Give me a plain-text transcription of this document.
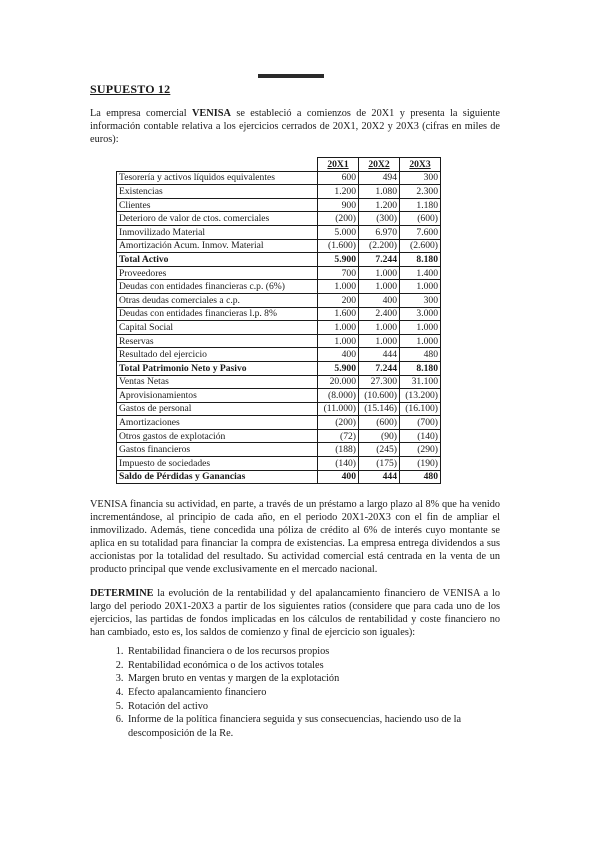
SUPUESTO 12

La empresa comercial VENISA se estableció a comienzos de 20X1 y presenta la siguiente información contable relativa a los ejercicios cerrados de 20X1, 20X2 y 20X3 (cifras en miles de euros):

	20X1	20X2	20X3
Tesorería y activos líquidos equivalentes	600	494	300
Existencias	1.200	1.080	2.300
Clientes	900	1.200	1.180
Deterioro de valor de ctos. comerciales	(200)	(300)	(600)
Inmovilizado Material	5.000	6.970	7.600
Amortización Acum. Inmov. Material	(1.600)	(2.200)	(2.600)
Total Activo	5.900	7.244	8.180
Proveedores	700	1.000	1.400
Deudas con entidades financieras c.p. (6%)	1.000	1.000	1.000
Otras deudas comerciales a c.p.	200	400	300
Deudas con entidades financieras l.p. 8%	1.600	2.400	3.000
Capital Social	1.000	1.000	1.000
Reservas	1.000	1.000	1.000
Resultado del ejercicio	400	444	480
Total Patrimonio Neto y Pasivo	5.900	7.244	8.180
Ventas Netas	20.000	27.300	31.100
Aprovisionamientos	(8.000)	(10.600)	(13.200)
Gastos de personal	(11.000)	(15.146)	(16.100)
Amortizaciones	(200)	(600)	(700)
Otros gastos de explotación	(72)	(90)	(140)
Gastos financieros	(188)	(245)	(290)
Impuesto de sociedades	(140)	(175)	(190)
Saldo de Pérdidas y Ganancias	400	444	480

VENISA financia su actividad, en parte, a través de un préstamo a largo plazo al 8% que ha venido incrementándose, al principio de cada año, en el periodo 20X1-20X3 con el fin de ampliar el inmovilizado. Además, tiene concedida una póliza de crédito al 6% de interés cuyo montante se aplica en su totalidad para financiar la compra de existencias. La empresa entrega dividendos a sus accionistas por la totalidad del resultado. Su actividad comercial está centrada en la venta de un producto principal que vende exclusivamente en el mercado nacional.

DETERMINE la evolución de la rentabilidad y del apalancamiento financiero de VENISA a lo largo del periodo 20X1-20X3 a partir de los siguientes ratios (considere que para cada uno de los ejercicios, las partidas de fondos implicadas en los cálculos de rentabilidad y coste financiero no han cambiado, esto es, los saldos de comienzo y final de ejercicio son iguales):

1. Rentabilidad financiera o de los recursos propios
2. Rentabilidad económica o de los activos totales
3. Margen bruto en ventas y margen de la explotación
4. Efecto apalancamiento financiero
5. Rotación del activo
6. Informe de la política financiera seguida y sus consecuencias, haciendo uso de la descomposición de la Re.
